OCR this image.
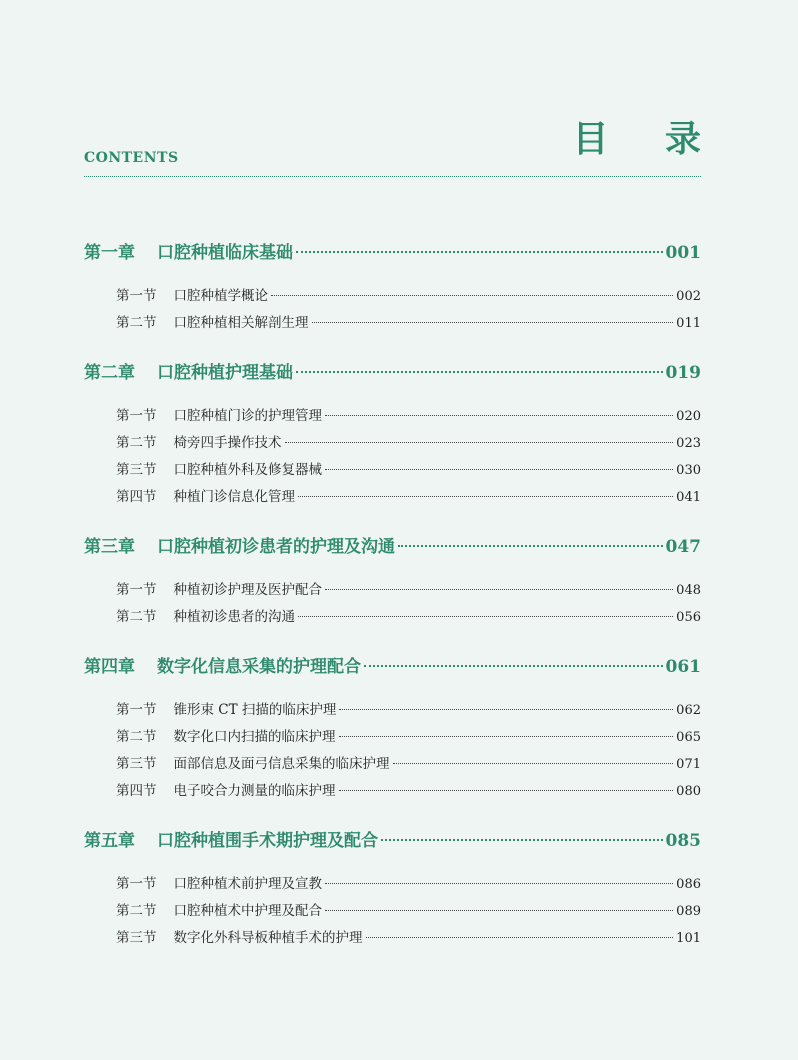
CONTENTS	目 录
第一章 口腔种植临床基础	001
第一节 口腔种植学概论	002
第二节 口腔种植相关解剖生理	011
第二章 口腔种植护理基础	019
第一节 口腔种植门诊的护理管理	020
第二节 椅旁四手操作技术	023
第三节 口腔种植外科及修复器械	030
第四节 种植门诊信息化管理	041
第三章 口腔种植初诊患者的护理及沟通	047
第一节 种植初诊护理及医护配合	048
第二节 种植初诊患者的沟通	056
第四章 数字化信息采集的护理配合	061
第一节 锥形束 CT 扫描的临床护理	062
第二节 数字化口内扫描的临床护理	065
第三节 面部信息及面弓信息采集的临床护理	071
第四节 电子咬合力测量的临床护理	080
第五章 口腔种植围手术期护理及配合	085
第一节 口腔种植术前护理及宣教	086
第二节 口腔种植术中护理及配合	089
第三节 数字化外科导板种植手术的护理	101
